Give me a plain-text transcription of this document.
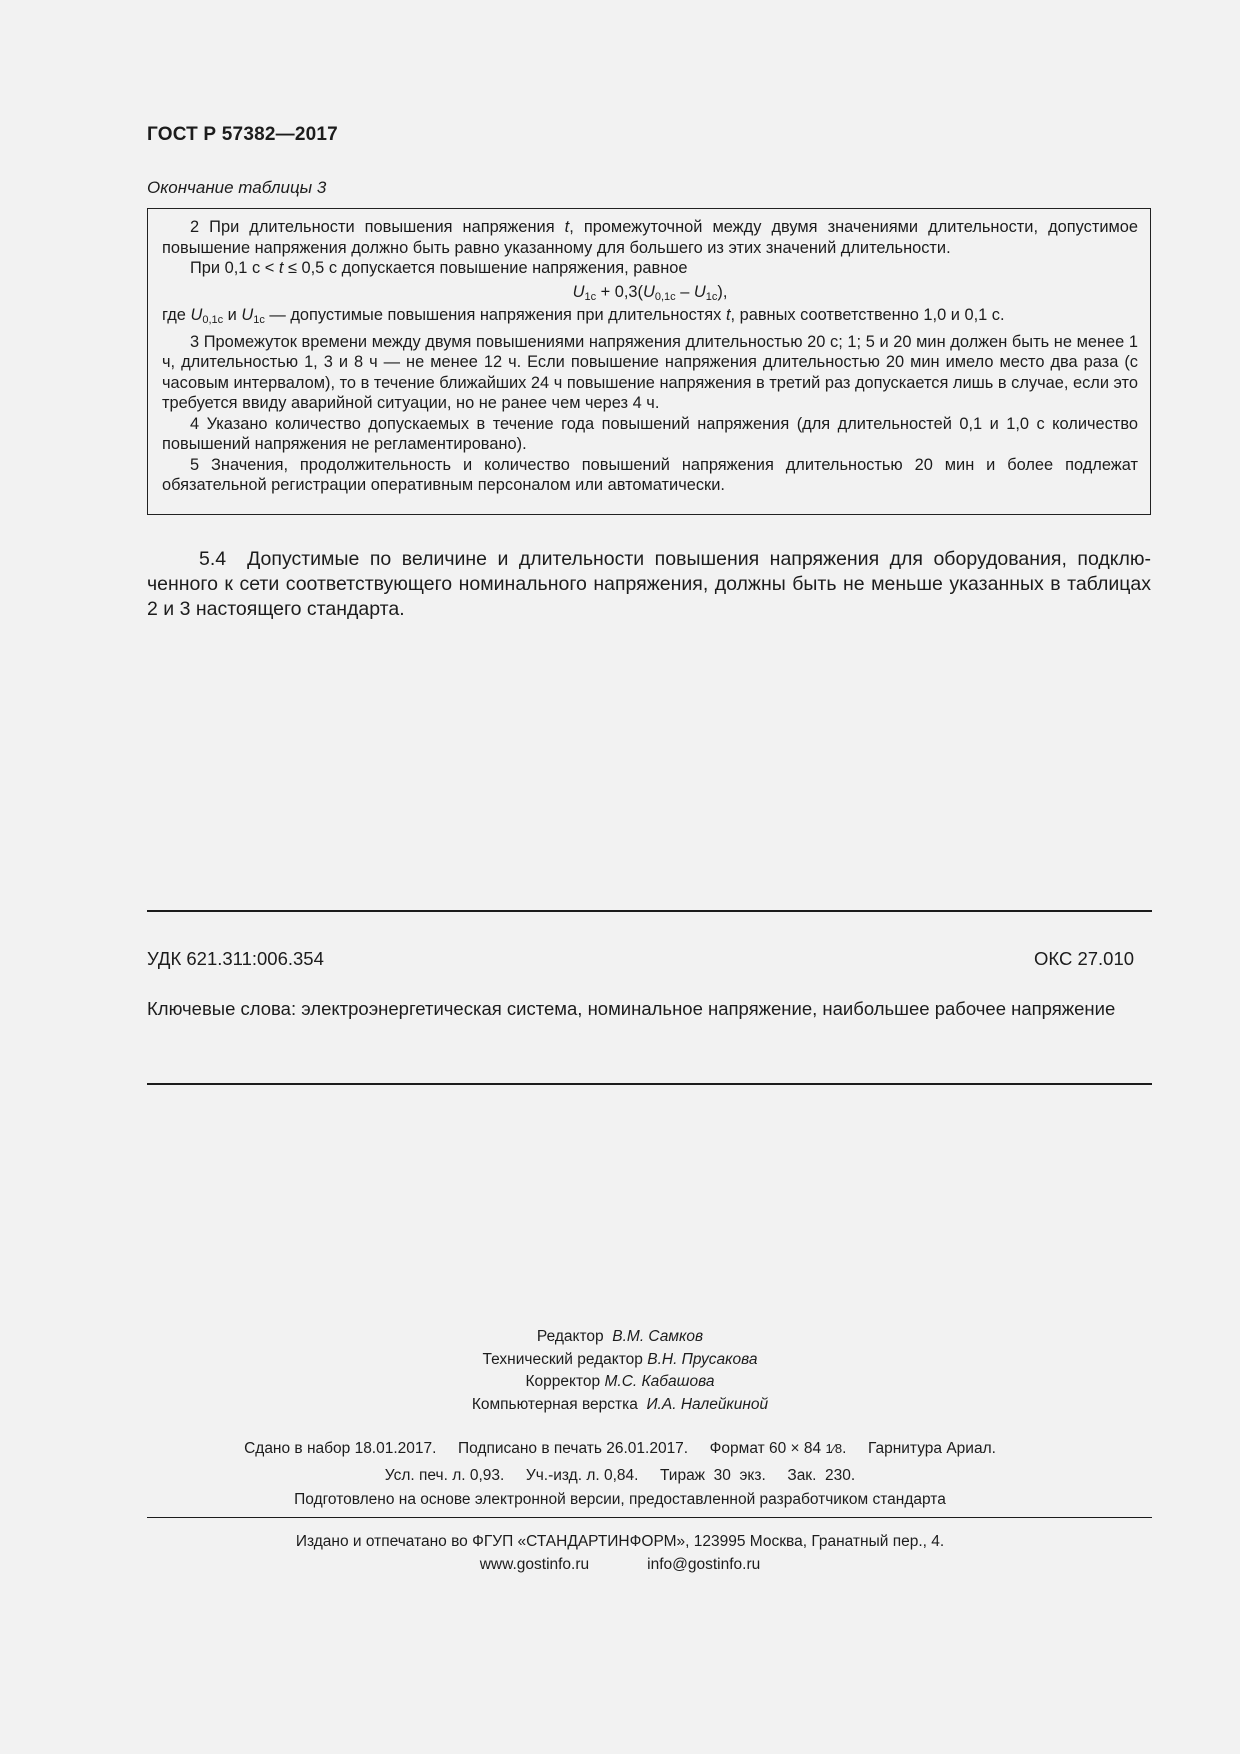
ГОСТ Р 57382—2017
Окончание таблицы 3

2 При длительности повышения напряжения t, промежуточной между двумя значениями длительности, допустимое повышение напряжения должно быть равно указанному для большего из этих значений длительности.

При 0,1 с < t ≤ 0,5 с допускается повышение напряжения, равное

$U_{1с} + 0,3(U_{0,1с} - U_{1с})$,

где $U_{0,1с}$ и $U_{1с}$ — допустимые повышения напряжения при длительностях t, равных соответственно 1,0 и 0,1 с.

3 Промежуток времени между двумя повышениями напряжения длительностью 20 с; 1; 5 и 20 мин должен быть не менее 1 ч, длительностью 1, 3 и 8 ч — не менее 12 ч. Если повышение напряжения длительностью 20 мин имело место два раза (с часовым интервалом), то в течение ближайших 24 ч повышение напряжения в третий раз допускается лишь в случае, если это требуется ввиду аварийной ситуации, но не ранее чем через 4 ч.

4 Указано количество допускаемых в течение года повышений напряжения (для длительностей 0,1 и 1,0 с количество повышений напряжения не регламентировано).

5 Значения, продолжительность и количество повышений напряжения длительностью 20 мин и более подлежат обязательной регистрации оперативным персоналом или автоматически.

5.4 Допустимые по величине и длительности повышения напряжения для оборудования, подключенного к сети соответствующего номинального напряжения, должны быть не меньше указанных в таблицах 2 и 3 настоящего стандарта.

УДК 621.311:006.354	ОКС 27.010

Ключевые слова: электроэнергетическая система, номинальное напряжение, наибольшее рабочее напряжение

Редактор В.М. Самков
Технический редактор В.Н. Прусакова
Корректор М.С. Кабашова
Компьютерная верстка И.А. Налейкиной
Сдано в набор 18.01.2017.     Подписано в печать 26.01.2017.     Формат 60 × 84 1⁄8.     Гарнитура Ариал.
Усл. печ. л. 0,93.     Уч.-изд. л. 0,84.     Тираж  30  экз.     Зак.  230.
Подготовлено на основе электронной версии, предоставленной разработчиком стандарта
Издано и отпечатано во ФГУП «СТАНДАРТИНФОРМ», 123995 Москва, Гранатный пер., 4.
www.gostinfo.ru	info@gostinfo.ru
